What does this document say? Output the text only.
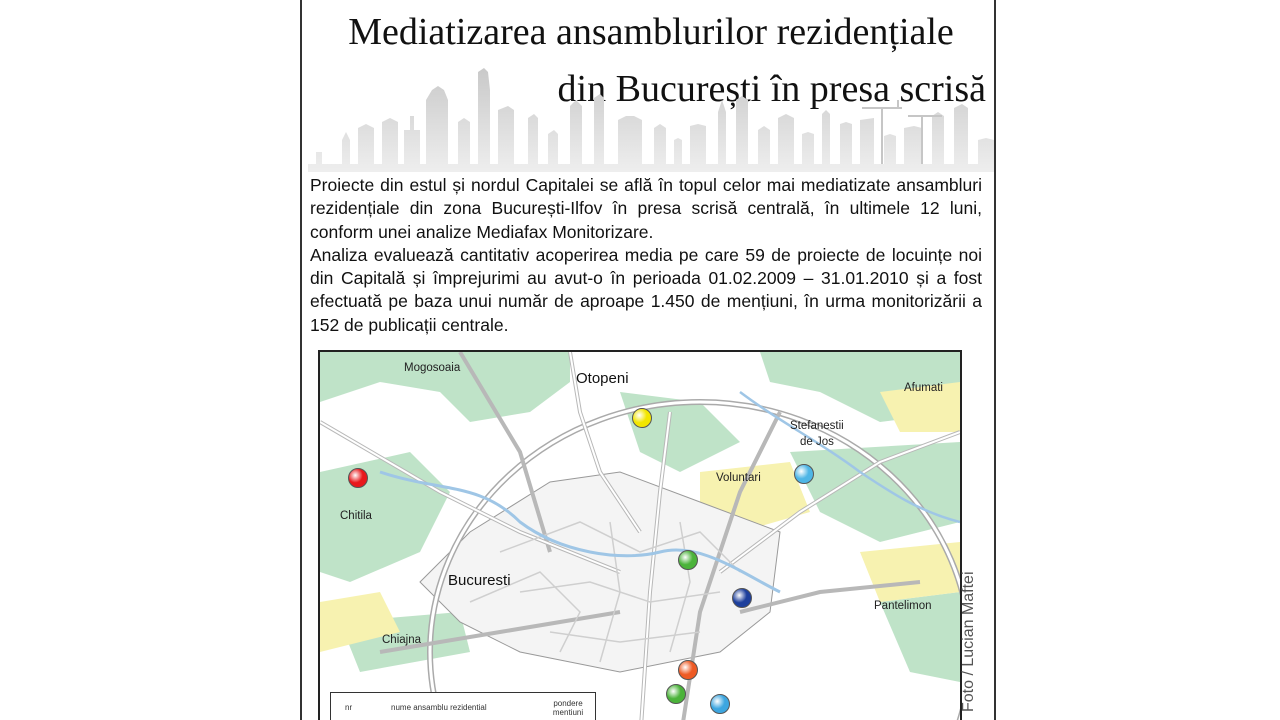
Mediatizarea ansamblurilor rezidențiale
din București în presa scrisă

Proiecte din estul și nordul Capitalei se află în topul celor mai mediatizate ansambluri rezidențiale din zona București-Ilfov în presa scrisă centrală, în ultimele 12 luni, conform unei analize Mediafax Monitorizare.

Analiza evaluează cantitativ acoperirea media pe care 59 de proiecte de locuințe noi din Capitală și împrejurimi au avut-o în perioada 01.02.2009 – 31.01.2010 și a fost efectuată pe baza unui număr de aproape 1.450 de mențiuni, în urma monitorizării a 152 de publicații centrale.

Mogosoaia
Otopeni
Afumati
Stefanestii
de Jos
Voluntari
Chitila
Bucuresti
Pantelimon
Chiajna
nr	nume ansamblu rezidential	pondere mentiuni
Foto / Lucian Maftei
